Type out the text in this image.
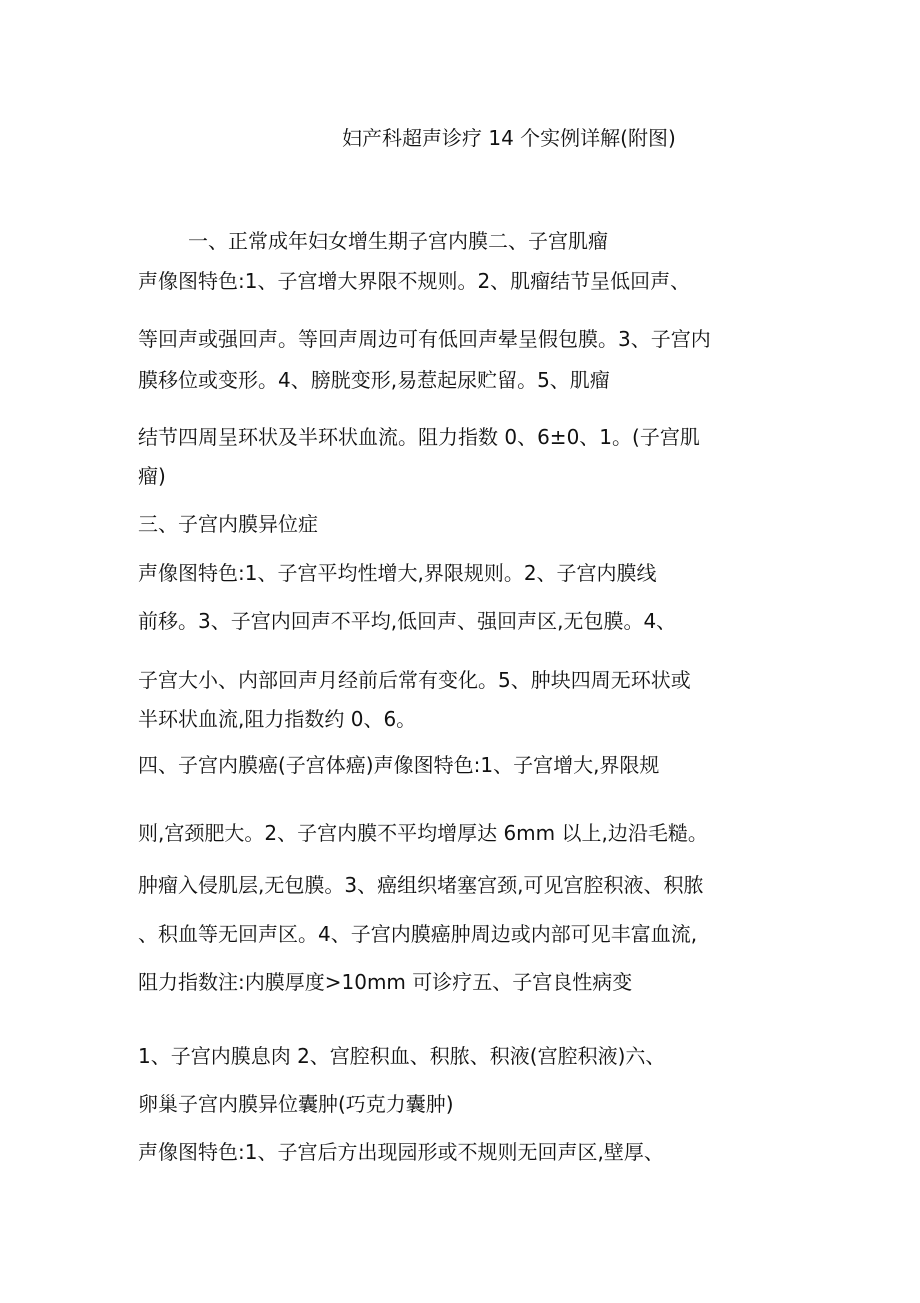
妇产科超声诊疗 14 个实例详解(附图)
一、正常成年妇女增生期子宫内膜二、子宫肌瘤
声像图特色:1、子宫增大界限不规则。2、肌瘤结节呈低回声、
等回声或强回声。等回声周边可有低回声晕呈假包膜。3、子宫内
膜移位或变形。4、膀胱变形,易惹起尿贮留。5、肌瘤
结节四周呈环状及半环状血流。阻力指数 0、6±0、1。(子宫肌
瘤)
三、子宫内膜异位症
声像图特色:1、子宫平均性增大,界限规则。2、子宫内膜线
前移。3、子宫内回声不平均,低回声、强回声区,无包膜。4、
子宫大小、内部回声月经前后常有变化。5、肿块四周无环状或
半环状血流,阻力指数约 0、6。
四、子宫内膜癌(子宫体癌)声像图特色:1、子宫增大,界限规
则,宫颈肥大。2、子宫内膜不平均增厚达 6mm 以上,边沿毛糙。
肿瘤入侵肌层,无包膜。3、癌组织堵塞宫颈,可见宫腔积液、积脓
、积血等无回声区。4、子宫内膜癌肿周边或内部可见丰富血流,
阻力指数注:内膜厚度>10mm 可诊疗五、子宫良性病变
1、子宫内膜息肉 2、宫腔积血、积脓、积液(宫腔积液)六、
卵巢子宫内膜异位囊肿(巧克力囊肿)
声像图特色:1、子宫后方出现园形或不规则无回声区,壁厚、
